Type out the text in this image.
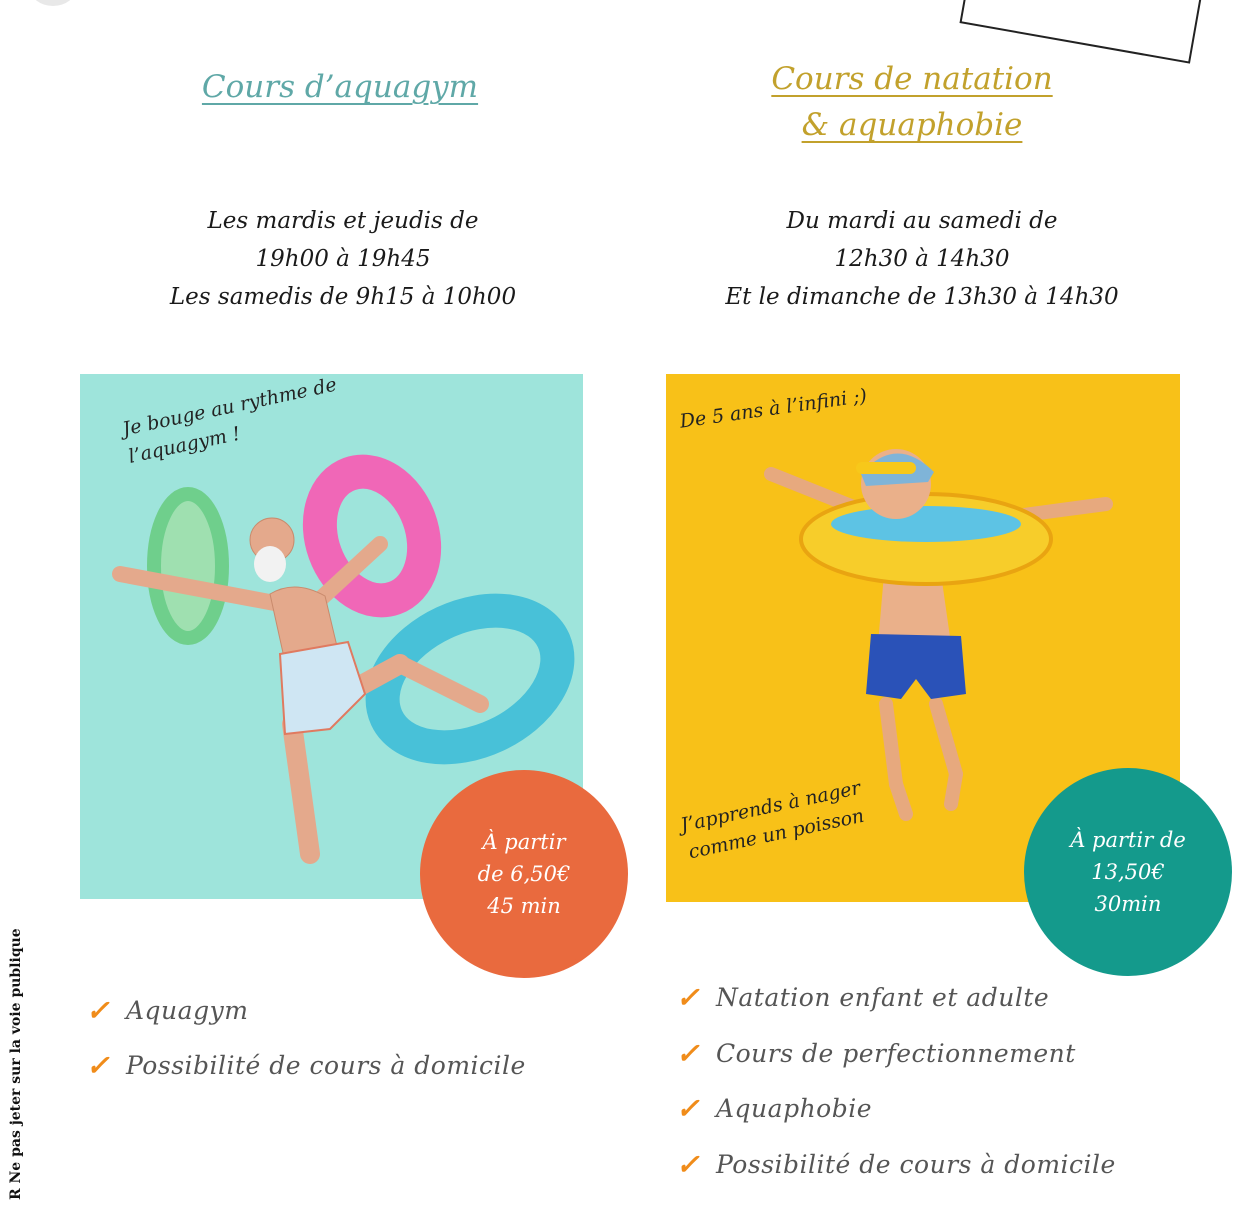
Cours d’aquagym
Les mardis et jeudis de
19h00 à 19h45
Les samedis de 9h15 à 10h00
Je bouge au rythme de
l’aquagym !
À partir
de 6,50€
45 min
✓ Aquagym
✓ Possibilité de cours à domicile
Cours de natation
& aquaphobie
Du mardi au samedi de
12h30 à 14h30
Et le dimanche de 13h30 à 14h30
De 5 ans à l’infini ;)
J’apprends à nager
comme un poisson	À partir de
13,50€
30min
✓ Natation enfant et adulte
✓ Cours de perfectionnement
✓ Aquaphobie
✓ Possibilité de cours à domicile
R Ne pas jeter sur la voie publique
